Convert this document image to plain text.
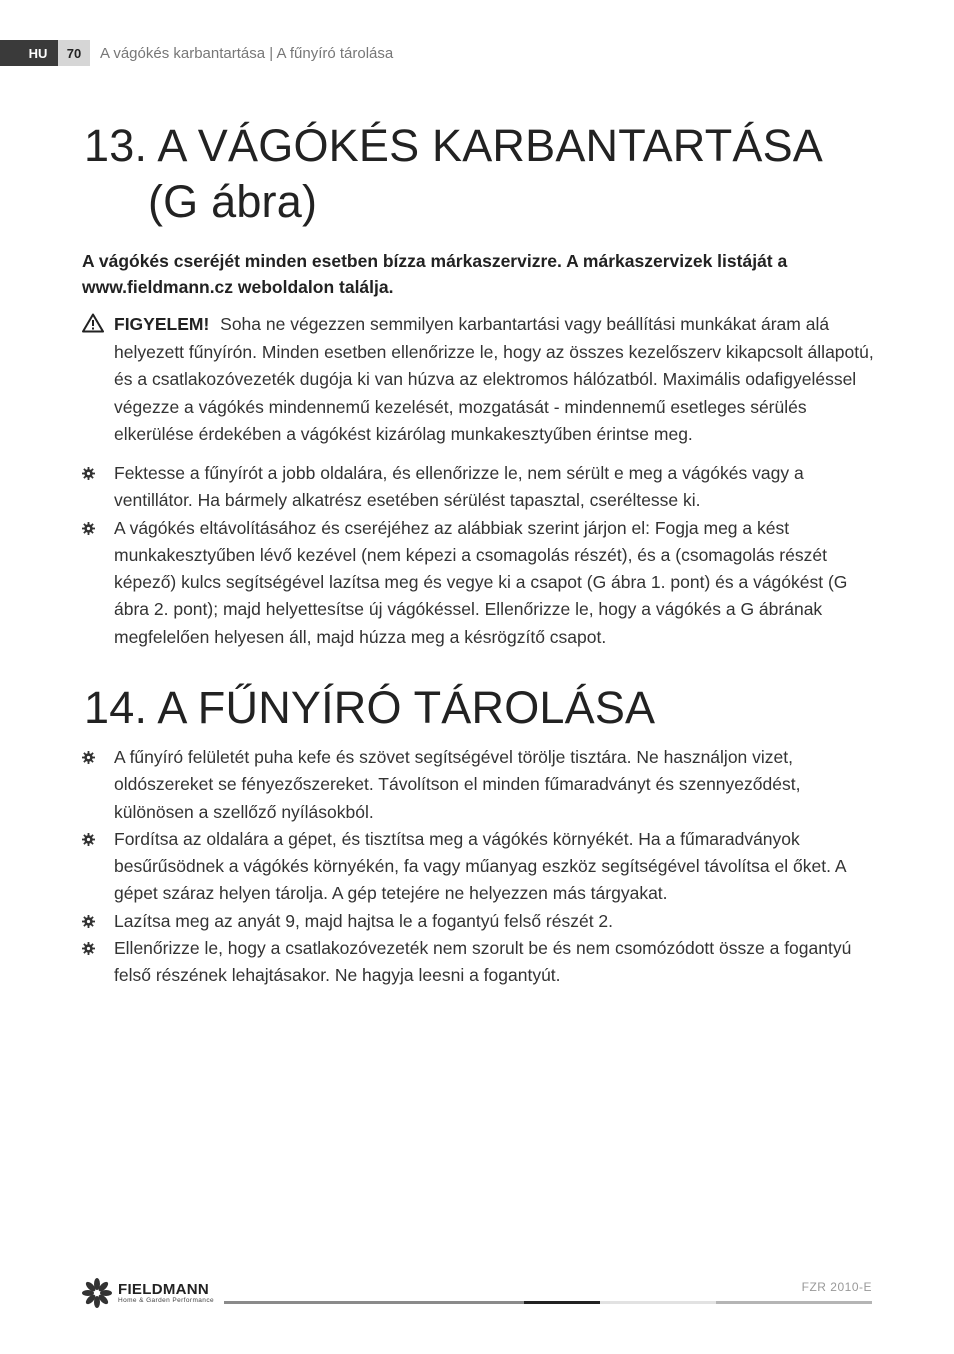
HU	70	A vágókés karbantartása | A fűnyíró tárolása
13. A VÁGÓKÉS KARBANTARTÁSA
(G ábra)

A vágókés cseréjét minden esetben bízza márkaszervizre. A márkaszervizek listáját a www.fieldmann.cz weboldalon találja.

FIGYELEM! Soha ne végezzen semmilyen karbantartási vagy beállítási munkákat áram alá helyezett fűnyírón. Minden esetben ellenőrizze le, hogy az összes kezelőszerv kikapcsolt állapotú, és a csatlakozóvezeték dugója ki van húzva az elektromos hálózatból. Maximális odafigyeléssel végezze a vágókés mindennemű kezelését, mozgatását - mindennemű esetleges sérülés elkerülése érdekében a vágókést kizárólag munkakesztyűben érintse meg.
Fektesse a fűnyírót a jobb oldalára, és ellenőrizze le, nem sérült e meg a vágókés vagy a ventillátor. Ha bármely alkatrész esetében sérülést tapasztal, cseréltesse ki.
A vágókés eltávolításához és cseréjéhez az alábbiak szerint járjon el: Fogja meg a kést munkakesztyűben lévő kezével (nem képezi a csomagolás részét), és a (csomagolás részét képező) kulcs segítségével lazítsa meg és vegye ki a csapot (G ábra 1. pont) és a vágókést (G ábra 2. pont); majd helyettesítse új vágókéssel. Ellenőrizze le, hogy a vágókés a G ábrának megfelelően helyesen áll, majd húzza meg a késrögzítő csapot.
14. A FŰNYÍRÓ TÁROLÁSA
A fűnyíró felületét puha kefe és szövet segítségével törölje tisztára. Ne használjon vizet, oldószereket se fényezőszereket. Távolítson el minden fűmaradványt és szennyeződést, különösen a szellőző nyílásokból.
Fordítsa az oldalára a gépet, és tisztítsa meg a vágókés környékét. Ha a fűmaradványok besűrűsödnek a vágókés környékén, fa vagy műanyag eszköz segítségével távolítsa el őket. A gépet száraz helyen tárolja. A gép tetejére ne helyezzen más tárgyakat.
Lazítsa meg az anyát 9, majd hajtsa le a fogantyú felső részét 2.
Ellenőrizze le, hogy a csatlakozóvezeték nem szorult be és nem csomózódott össze a fogantyú felső részének lehajtásakor. Ne hagyja leesni a fogantyút.
FIELDMANN
Home & Garden Performance
FZR 2010-E
